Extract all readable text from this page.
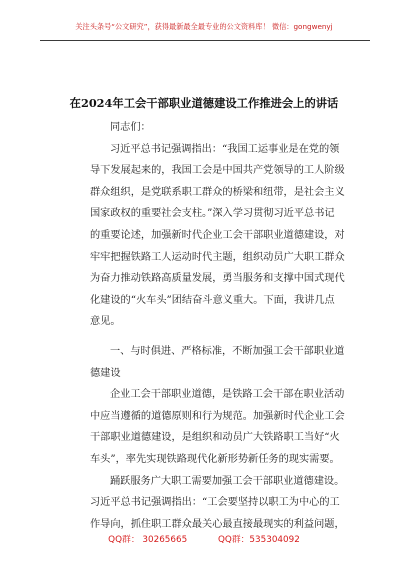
关注头条号“公文研究”，获得最新最全最专业的公文资料库！ 微信：gongwenyj
在2024年工会干部职业道德建设工作推进会上的讲话
同志们：
习近平总书记强调指出：“我国工运事业是在党的领
导下发展起来的，我国工会是中国共产党领导的工人阶级
群众组织，是党联系职工群众的桥梁和纽带，是社会主义
国家政权的重要社会支柱。”深入学习贯彻习近平总书记
的重要论述，加强新时代企业工会干部职业道德建设，对
牢牢把握铁路工人运动时代主题，组织动员广大职工群众
为奋力推动铁路高质量发展，勇当服务和支撑中国式现代
化建设的“火车头”团结奋斗意义重大。下面，我讲几点
意见。
一、与时俱进、严格标准，不断加强工会干部职业道
德建设
企业工会干部职业道德，是铁路工会干部在职业活动
中应当遵循的道德原则和行为规范。加强新时代企业工会
干部职业道德建设，是组织和动员广大铁路职工当好“火
车头”，率先实现铁路现代化新形势新任务的现实需要。
踊跃服务广大职工需要加强工会干部职业道德建设。
习近平总书记强调指出：“工会要坚持以职工为中心的工
作导向，抓住职工群众最关心最直接最现实的利益问题，
QQ群： 30265665	QQ群：535304092
